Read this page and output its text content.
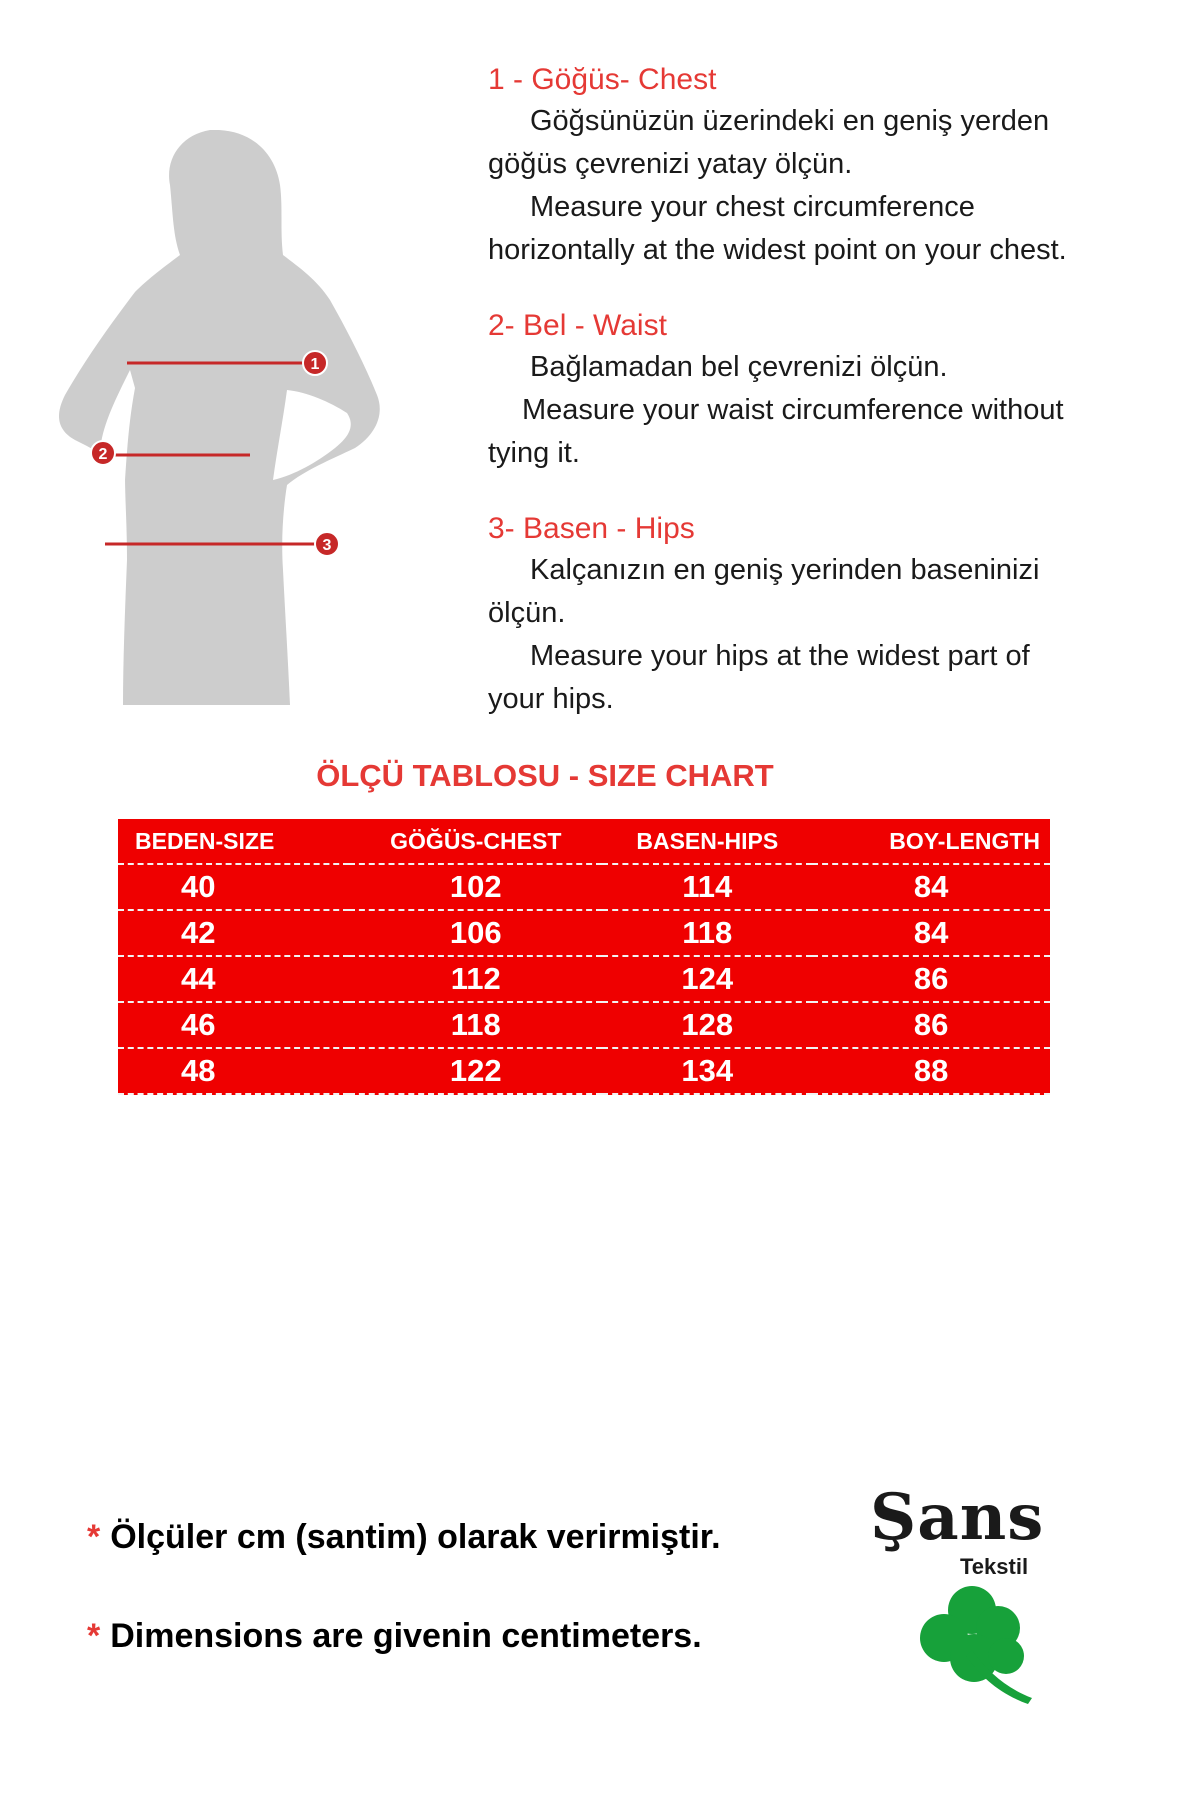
1
2
3
1 - Göğüs- Chest

Göğsünüzün üzerindeki en geniş yerden

göğüs çevrenizi yatay ölçün.

Measure your chest circumference

horizontally at the widest point on your chest.

2- Bel - Waist

Bağlamadan bel çevrenizi ölçün.

Measure your waist circumference without

tying it.

3- Basen - Hips

Kalçanızın en geniş yerinden baseninizi

ölçün.

Measure your hips at the widest part of

your hips.

ÖLÇÜ TABLOSU - SIZE CHART
BEDEN-SIZE	GÖĞÜS-CHEST	BASEN-HIPS	BOY-LENGTH
40	102	114	84
42	106	118	84
44	112	124	86
46	118	128	86
48	122	134	88

* Ölçüler cm (santim) olarak verirmiştir.

* Dimensions are givenin centimeters.

Şans

Tekstil
